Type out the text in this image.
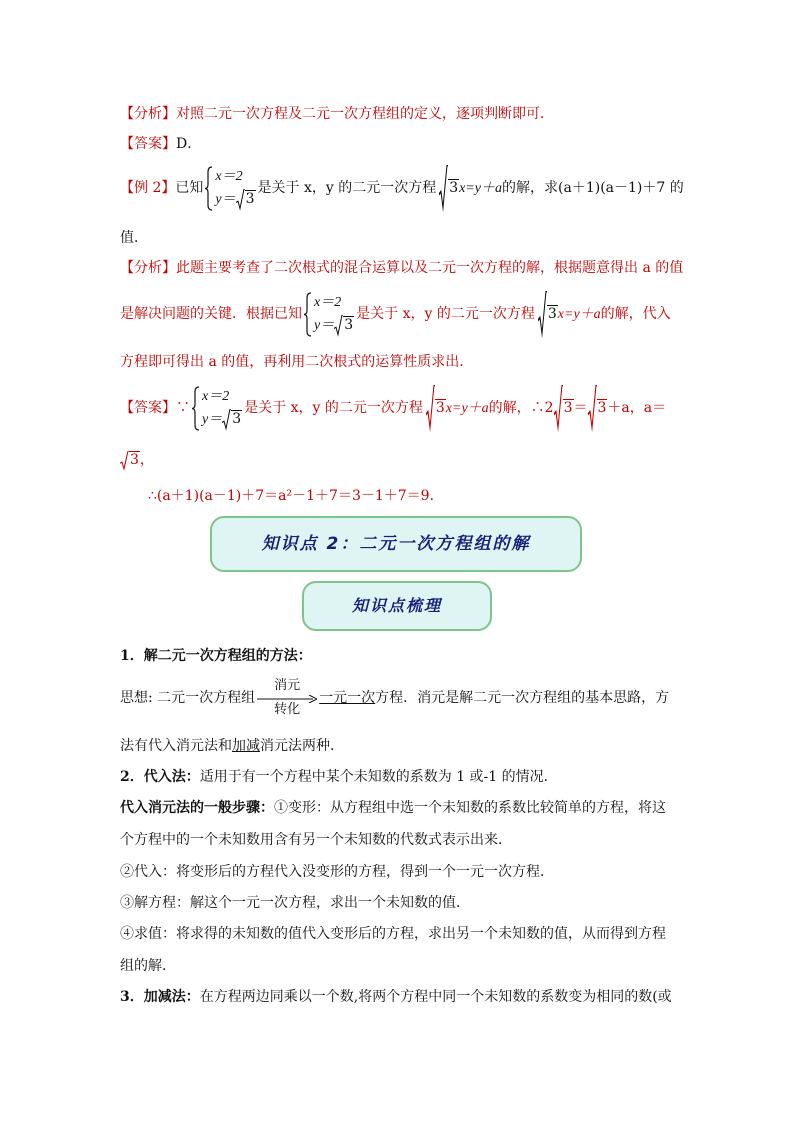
【分析】对照二元一次方程及二元一次方程组的定义，逐项判断即可．
【答案】D．
【例 2】已知
x＝2
y＝ 3
是关于 x，y 的二元一次方程 3x=y＋a的解，求(a＋1)(a－1)＋7 的
值．
【分析】此题主要考查了二次根式的混合运算以及二元一次方程的解，根据题意得出 a 的值
是解决问题的关键．根据已知
x＝2
y＝ 3
是关于 x，y 的二元一次方程 3x=y＋a的解，代入
方程即可得出 a 的值，再利用二次根式的运算性质求出．
【答案】∵
x＝2
y＝ 3
是关于 x，y 的二元一次方程 3x=y＋a的解，∴2 3＝ 3＋a，a＝
3，
∴(a＋1)(a－1)＋7＝a²－1＋7＝3－1＋7＝9．
知识点 2：二元一次方程组的解
知识点梳理
1．解二元一次方程组的方法：
思想: 二元一次方程组
消元
转化
一元一次方程．消元是解二元一次方程组的基本思路，方
法有代入消元法和加减消元法两种．
2．代入法：适用于有一个方程中某个未知数的系数为 1 或-1 的情况．
代入消元法的一般步骤：①变形：从方程组中选一个未知数的系数比较简单的方程，将这
个方程中的一个未知数用含有另一个未知数的代数式表示出来．
②代入：将变形后的方程代入没变形的方程，得到一个一元一次方程．
③解方程：解这个一元一次方程，求出一个未知数的值．
④求值：将求得的未知数的值代入变形后的方程，求出另一个未知数的值，从而得到方程
组的解．
3．加减法：在方程两边同乘以一个数,将两个方程中同一个未知数的系数变为相同的数(或
